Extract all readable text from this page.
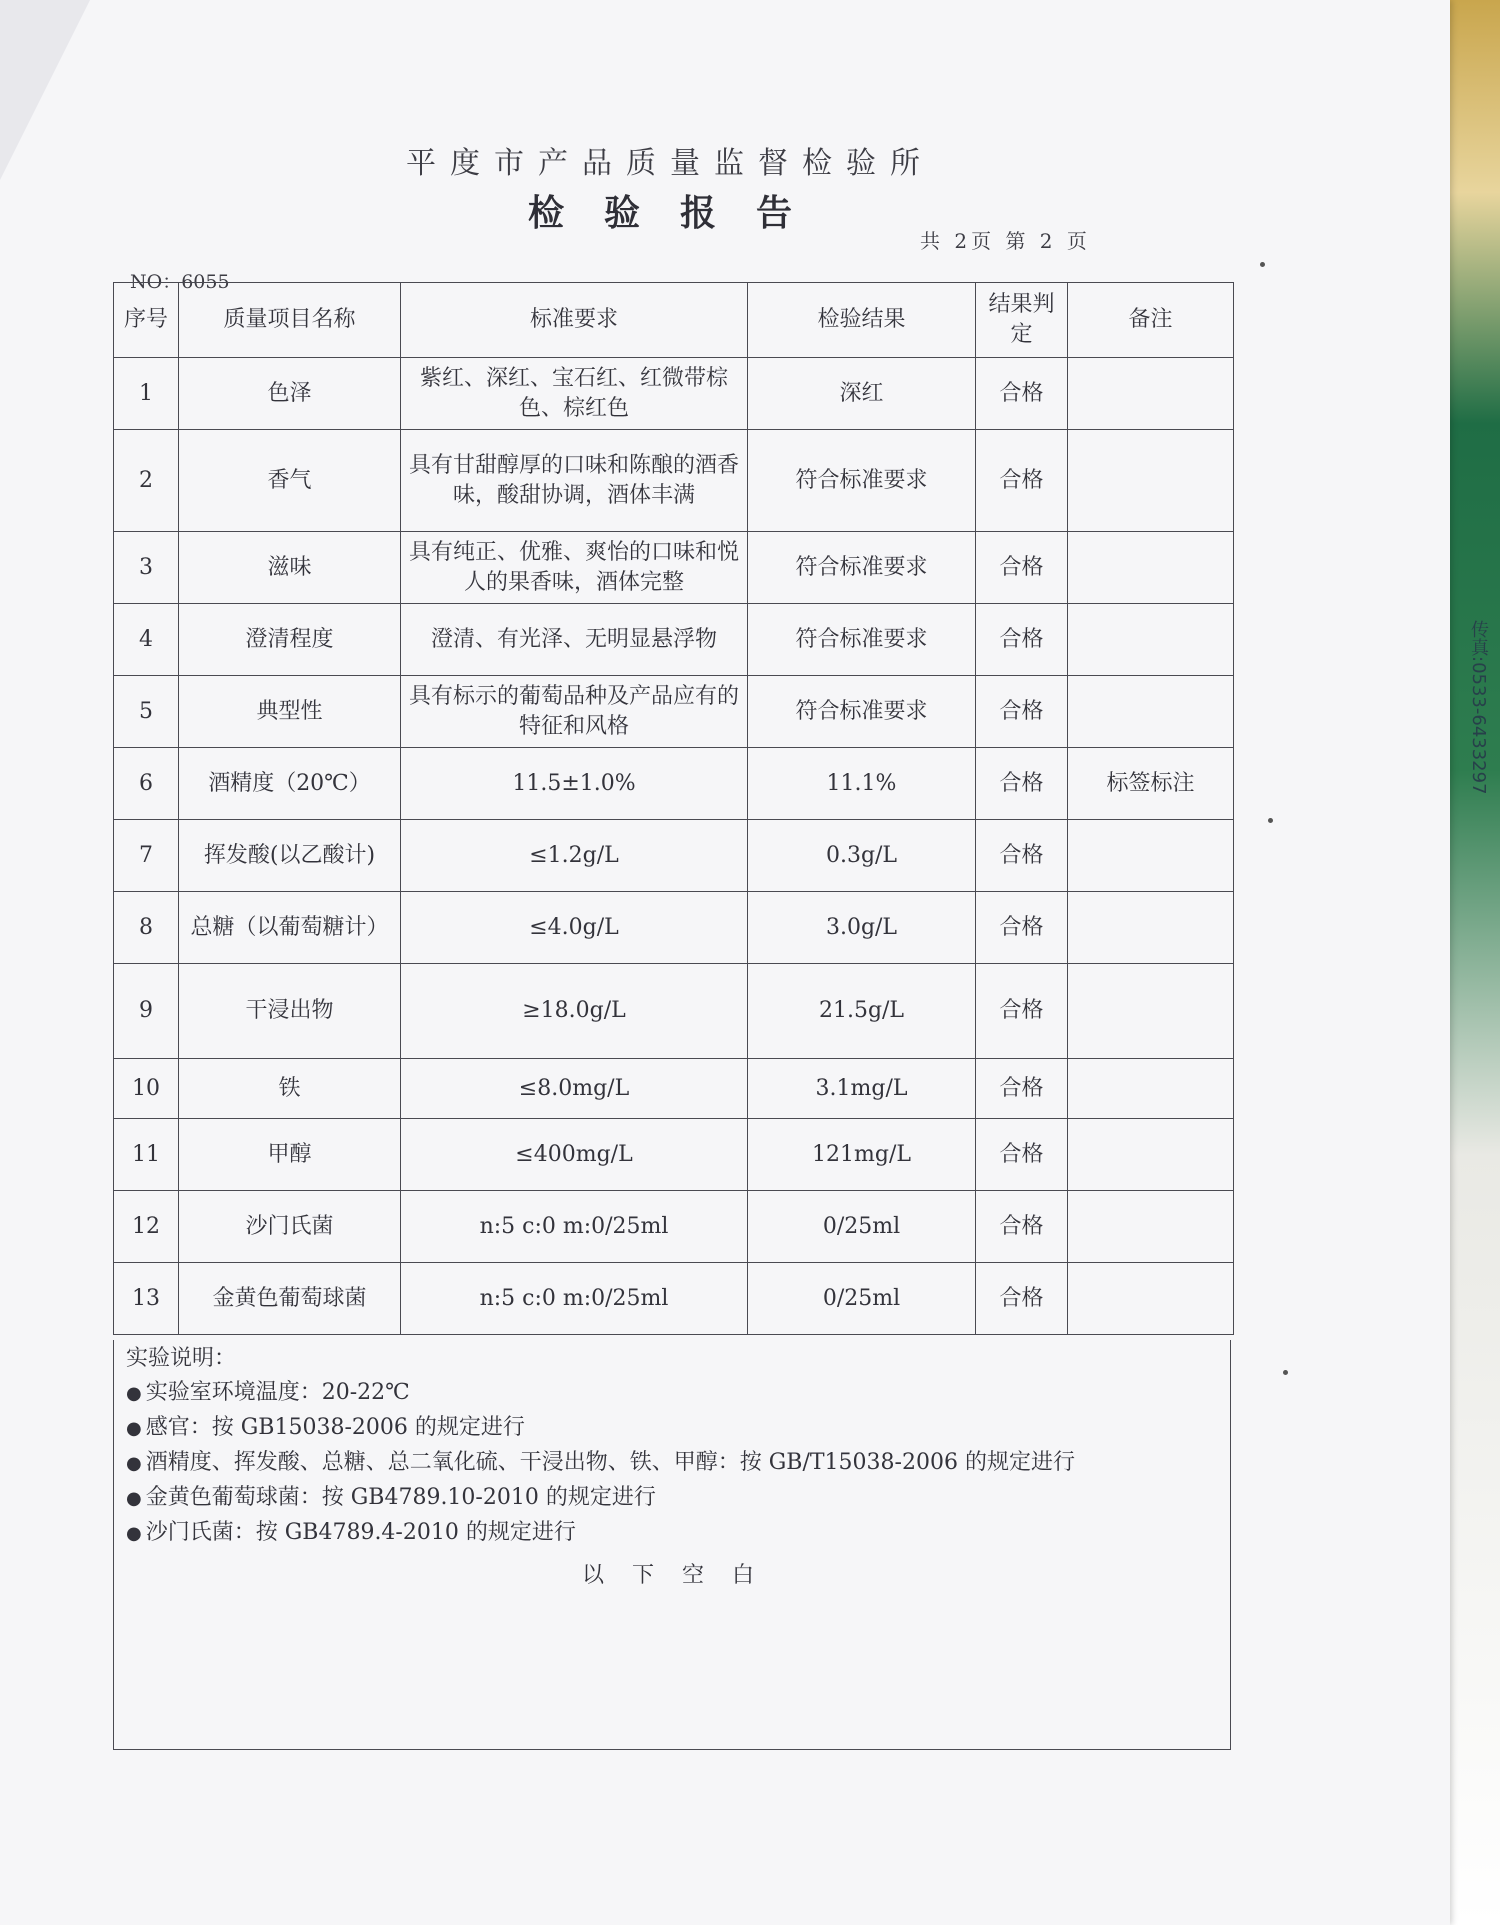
传真:0533-6433297
平度市产品质量监督检验所
检验报告
共 2页 第 2 页
NO：6055
序号	质量项目名称	标准要求	检验结果	结果判定	备注
1	色泽	紫红、深红、宝石红、红微带棕色、棕红色	深红	合格	
2	香气	具有甘甜醇厚的口味和陈酿的酒香味，酸甜协调，酒体丰满	符合标准要求	合格	
3	滋味	具有纯正、优雅、爽怡的口味和悦人的果香味，酒体完整	符合标准要求	合格	
4	澄清程度	澄清、有光泽、无明显悬浮物	符合标准要求	合格	
5	典型性	具有标示的葡萄品种及产品应有的特征和风格	符合标准要求	合格	
6	酒精度（20℃）	11.5±1.0%	11.1%	合格	标签标注
7	挥发酸(以乙酸计)	≤1.2g/L	0.3g/L	合格	
8	总糖（以葡萄糖计）	≤4.0g/L	3.0g/L	合格	
9	干浸出物	≥18.0g/L	21.5g/L	合格	
10	铁	≤8.0mg/L	3.1mg/L	合格	
11	甲醇	≤400mg/L	121mg/L	合格	
12	沙门氏菌	n:5 c:0 m:0/25ml	0/25ml	合格	
13	金黄色葡萄球菌	n:5 c:0 m:0/25ml	0/25ml	合格	
实验说明：
● 实验室环境温度：20-22℃
● 感官：按 GB15038-2006 的规定进行
● 酒精度、挥发酸、总糖、总二氧化硫、干浸出物、铁、甲醇：按 GB/T15038-2006 的规定进行
● 金黄色葡萄球菌：按 GB4789.10-2010 的规定进行
● 沙门氏菌：按 GB4789.4-2010 的规定进行
以下空白
